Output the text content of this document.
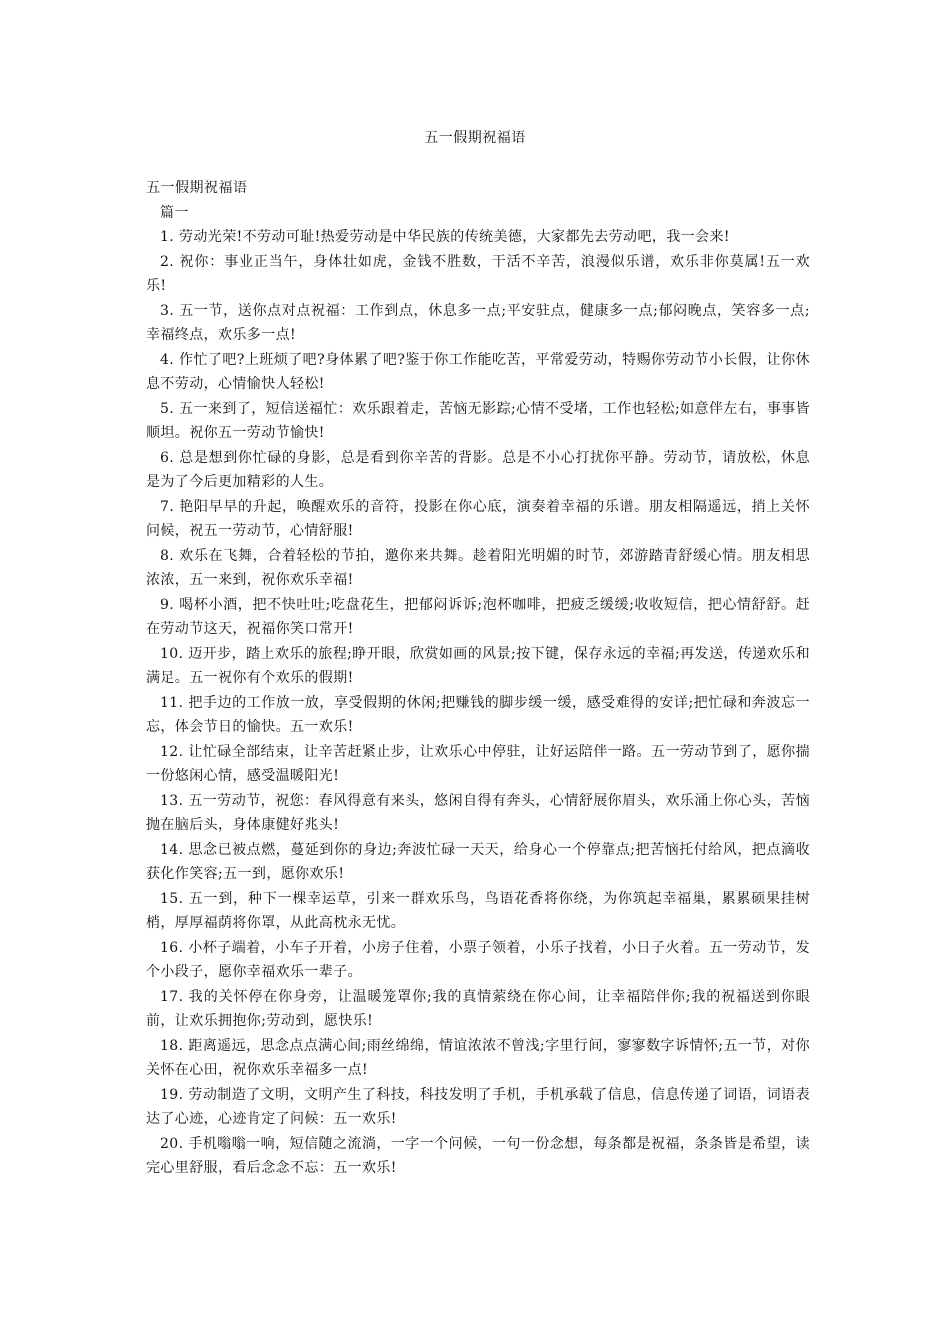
五一假期祝福语

五一假期祝福语

篇一

1. 劳动光荣!不劳动可耻!热爱劳动是中华民族的传统美德，大家都先去劳动吧，我一会来!

2. 祝你：事业正当午，身体壮如虎，金钱不胜数，干活不辛苦，浪漫似乐谱，欢乐非你莫属!五一欢乐!

3. 五一节，送你点对点祝福：工作到点，休息多一点;平安驻点，健康多一点;郁闷晚点，笑容多一点;幸福终点，欢乐多一点!

4. 作忙了吧?上班烦了吧?身体累了吧?鉴于你工作能吃苦，平常爱劳动，特赐你劳动节小长假，让你休息不劳动，心情愉快人轻松!

5. 五一来到了，短信送福忙：欢乐跟着走，苦恼无影踪;心情不受堵，工作也轻松;如意伴左右，事事皆顺坦。祝你五一劳动节愉快!

6. 总是想到你忙碌的身影，总是看到你辛苦的背影。总是不小心打扰你平静。劳动节，请放松，休息是为了今后更加精彩的人生。

7. 艳阳早早的升起，唤醒欢乐的音符，投影在你心底，演奏着幸福的乐谱。朋友相隔遥远，捎上关怀问候，祝五一劳动节，心情舒服!

8. 欢乐在飞舞，合着轻松的节拍，邀你来共舞。趁着阳光明媚的时节，郊游踏青舒缓心情。朋友相思浓浓，五一来到，祝你欢乐幸福!

9. 喝杯小酒，把不快吐吐;吃盘花生，把郁闷诉诉;泡杯咖啡，把疲乏缓缓;收收短信，把心情舒舒。赶在劳动节这天，祝福你笑口常开!

10. 迈开步，踏上欢乐的旅程;睁开眼，欣赏如画的风景;按下键，保存永远的幸福;再发送，传递欢乐和满足。五一祝你有个欢乐的假期!

11. 把手边的工作放一放，享受假期的休闲;把赚钱的脚步缓一缓，感受难得的安详;把忙碌和奔波忘一忘，体会节日的愉快。五一欢乐!

12. 让忙碌全部结束，让辛苦赶紧止步，让欢乐心中停驻，让好运陪伴一路。五一劳动节到了，愿你揣一份悠闲心情，感受温暖阳光!

13. 五一劳动节，祝您：春风得意有来头，悠闲自得有奔头，心情舒展你眉头，欢乐涌上你心头，苦恼抛在脑后头，身体康健好兆头!

14. 思念已被点燃，蔓延到你的身边;奔波忙碌一天天，给身心一个停靠点;把苦恼托付给风，把点滴收获化作笑容;五一到，愿你欢乐!

15. 五一到，种下一棵幸运草，引来一群欢乐鸟，鸟语花香将你绕，为你筑起幸福巢，累累硕果挂树梢，厚厚福荫将你罩，从此高枕永无忧。

16. 小杯子端着，小车子开着，小房子住着，小票子领着，小乐子找着，小日子火着。五一劳动节，发个小段子，愿你幸福欢乐一辈子。

17. 我的关怀停在你身旁，让温暖笼罩你;我的真情萦绕在你心间，让幸福陪伴你;我的祝福送到你眼前，让欢乐拥抱你;劳动到，愿快乐!

18. 距离遥远，思念点点满心间;雨丝绵绵，情谊浓浓不曾浅;字里行间，寥寥数字诉情怀;五一节，对你关怀在心田，祝你欢乐幸福多一点!

19. 劳动制造了文明，文明产生了科技，科技发明了手机，手机承载了信息，信息传递了词语，词语表达了心迹，心迹肯定了问候：五一欢乐!

20. 手机嗡嗡一响，短信随之流淌，一字一个问候，一句一份念想，每条都是祝福，条条皆是希望，读完心里舒服，看后念念不忘：五一欢乐!
